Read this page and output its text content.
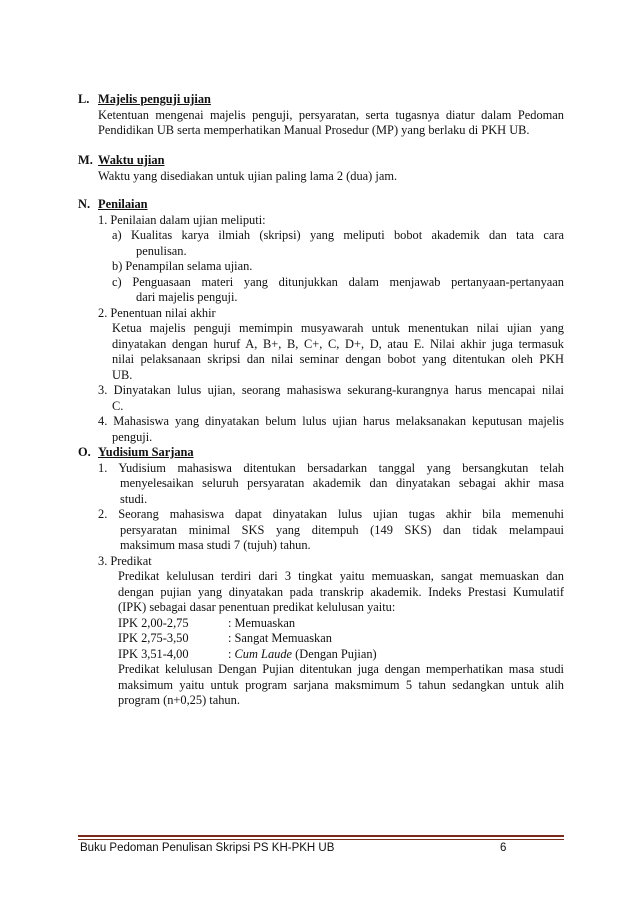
L. Majelis penguji ujian
Ketentuan mengenai majelis penguji, persyaratan, serta tugasnya diatur dalam Pedoman
Pendidikan UB serta memperhatikan Manual Prosedur (MP) yang berlaku di PKH UB.
M. Waktu ujian
Waktu yang disediakan untuk ujian paling lama 2 (dua) jam.
N. Penilaian
1. Penilaian dalam ujian meliputi:
a) Kualitas karya ilmiah (skripsi) yang meliputi bobot akademik dan tata cara
penulisan.
b) Penampilan selama ujian.
c) Penguasaan materi yang ditunjukkan dalam menjawab pertanyaan-pertanyaan
dari majelis penguji.
2. Penentuan nilai akhir
Ketua majelis penguji memimpin musyawarah untuk menentukan nilai ujian yang
dinyatakan dengan huruf A, B+, B, C+, C, D+, D, atau E. Nilai akhir juga termasuk
nilai pelaksanaan skripsi dan nilai seminar dengan bobot yang ditentukan oleh PKH
UB.
3. Dinyatakan lulus ujian, seorang mahasiswa sekurang-kurangnya harus mencapai nilai
C.
4. Mahasiswa yang dinyatakan belum lulus ujian harus melaksanakan keputusan majelis
penguji.
O. Yudisium Sarjana
1. Yudisium mahasiswa ditentukan bersadarkan tanggal yang bersangkutan telah
menyelesaikan seluruh persyaratan akademik dan dinyatakan sebagai akhir masa
studi.
2. Seorang mahasiswa dapat dinyatakan lulus ujian tugas akhir bila memenuhi
persyaratan minimal SKS yang ditempuh (149 SKS) dan tidak melampaui
maksimum masa studi 7 (tujuh) tahun.
3. Predikat
Predikat kelulusan terdiri dari 3 tingkat yaitu memuaskan, sangat memuaskan dan
dengan pujian yang dinyatakan pada transkrip akademik. Indeks Prestasi Kumulatif
(IPK) sebagai dasar penentuan predikat kelulusan yaitu:
IPK 2,00-2,75	: Memuaskan
IPK 2,75-3,50	: Sangat Memuaskan
IPK 3,51-4,00	: Cum Laude (Dengan Pujian)
Predikat kelulusan Dengan Pujian ditentukan juga dengan memperhatikan masa studi
maksimum yaitu untuk program sarjana maksmimum 5 tahun sedangkan untuk alih
program (n+0,25) tahun.
Buku Pedoman Penulisan Skripsi PS KH-PKH UB	6
